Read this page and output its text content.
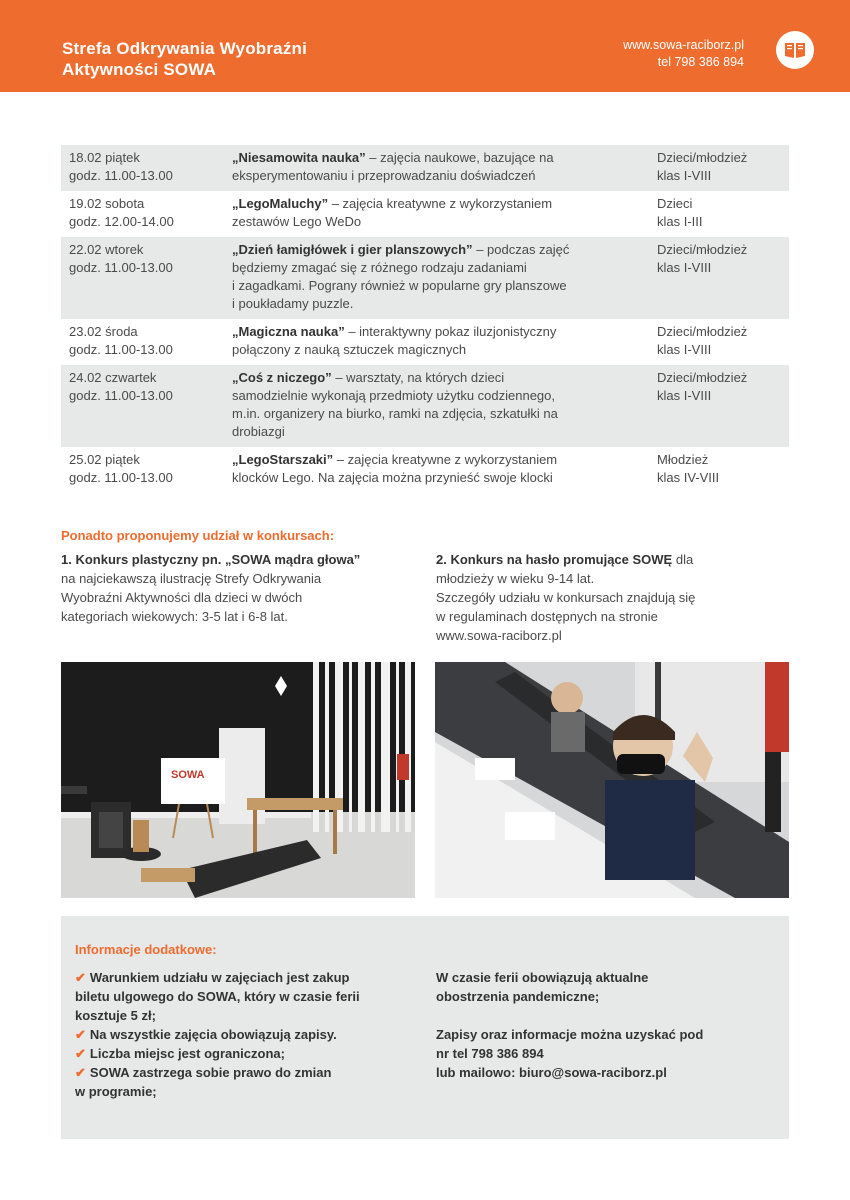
Strefa Odkrywania Wyobraźni
Aktywności SOWA
www.sowa-raciborz.pl
tel 798 386 894
18.02 piątek
godz. 11.00-13.00	„Niesamowita nauka” – zajęcia naukowe, bazujące na
eksperymentowaniu i przeprowadzaniu doświadczeń	Dzieci/młodzież
klas I-VIII

19.02 sobota
godz. 12.00-14.00	„LegoMaluchy” – zajęcia kreatywne z wykorzystaniem
zestawów Lego WeDo	Dzieci
klas I-III

22.02 wtorek
godz. 11.00-13.00	„Dzień łamigłówek i gier planszowych” – podczas zajęć
będziemy zmagać się z różnego rodzaju zadaniami
i zagadkami. Pograny również w popularne gry planszowe
i poukładamy puzzle.	Dzieci/młodzież
klas I-VIII

23.02 środa
godz. 11.00-13.00	„Magiczna nauka” – interaktywny pokaz iluzjonistyczny
połączony z nauką sztuczek magicznych	Dzieci/młodzież
klas I-VIII

24.02 czwartek
godz. 11.00-13.00	„Coś z niczego” – warsztaty, na których dzieci
samodzielnie wykonają przedmioty użytku codziennego,
m.in. organizery na biurko, ramki na zdjęcia, szkatułki na
drobiazgi	Dzieci/młodzież
klas I-VIII

25.02 piątek
godz. 11.00-13.00	„LegoStarszaki” – zajęcia kreatywne z wykorzystaniem
klocków Lego. Na zajęcia można przynieść swoje klocki	Młodzież
klas IV-VIII
Ponadto proponujemy udział w konkursach:
1. Konkurs plastyczny pn. „SOWA mądra głowa”
na najciekawszą ilustrację Strefy Odkrywania
Wyobraźni Aktywności dla dzieci w dwóch
kategoriach wiekowych: 3-5 lat i 6-8 lat.
2. Konkurs na hasło promujące SOWĘ dla
młodzieży w wieku 9-14 lat.
Szczegóły udziału w konkursach znajdują się
w regulaminach dostępnych na stronie
www.sowa-raciborz.pl
SOWA
Informacje dodatkowe:
✔ Warunkiem udziału w zajęciach jest zakup
biletu ulgowego do SOWA, który w czasie ferii
kosztuje 5 zł;
✔ Na wszystkie zajęcia obowiązują zapisy.
✔ Liczba miejsc jest ograniczona;
✔ SOWA zastrzega sobie prawo do zmian
w programie;
W czasie ferii obowiązują aktualne
obostrzenia pandemiczne;
Zapisy oraz informacje można uzyskać pod
nr tel 798 386 894
lub mailowo: biuro@sowa-raciborz.pl
